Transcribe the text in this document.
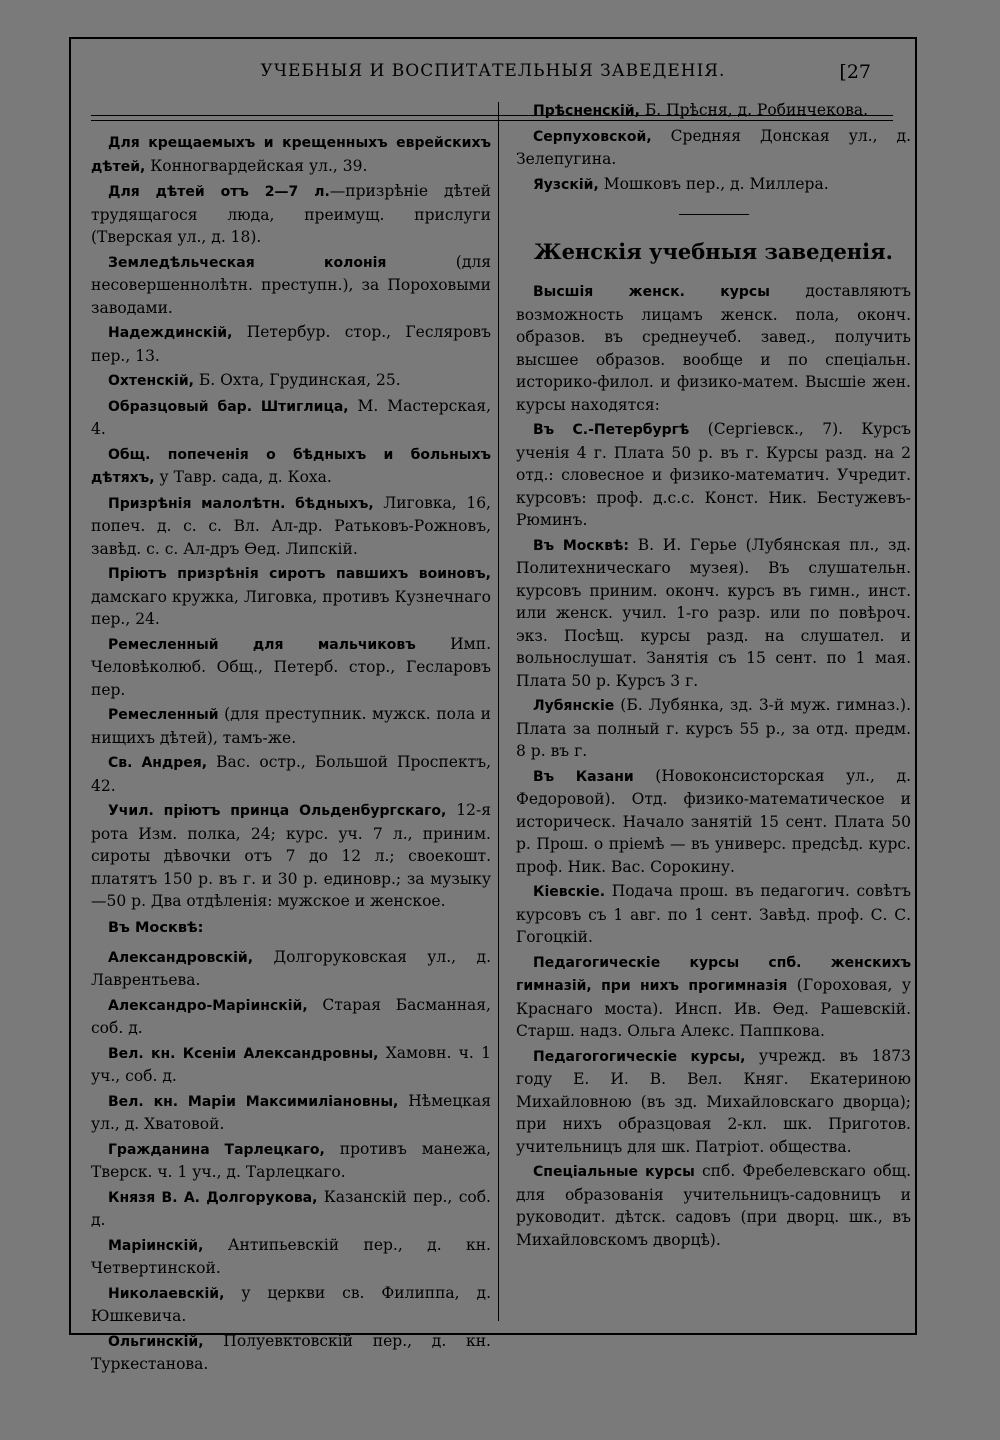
УЧЕБНЫЯ И ВОСПИТАТЕЛЬНЫЯ ЗАВЕДЕНІЯ.	[27

Для крещаемыхъ и крещенныхъ еврейскихъ дѣтей, Конногвардейская ул., 39.

Для дѣтей отъ 2—7 л.—призрѣніе дѣтей трудящагося люда, преимущ. прислуги (Тверская ул., д. 18).

Земледѣльческая колонія (для несовершеннолѣтн. преступн.), за Пороховыми заводами.

Надеждинскій, Петербур. стор., Гесляровъ пер., 13.

Охтенскій, Б. Охта, Грудинская, 25.

Образцовый бар. Штиглица, М. Мастерская, 4.

Общ. попеченія о бѣдныхъ и больныхъ дѣтяхъ, у Тавр. сада, д. Коха.

Призрѣнія малолѣтн. бѣдныхъ, Лиговка, 16, попеч. д. с. с. Вл. Ал-др. Ратьковъ-Рожновъ, завѣд. с. с. Ал-дръ Ѳед. Липскій.

Пріютъ призрѣнія сиротъ павшихъ воиновъ, дамскаго кружка, Лиговка, противъ Кузнечнаго пер., 24.

Ремесленный для мальчиковъ Имп. Человѣколюб. Общ., Петерб. стор., Гесларовъ пер.

Ремесленный (для преступник. мужск. пола и нищихъ дѣтей), тамъ-же.

Св. Андрея, Вас. остр., Большой Проспектъ, 42.

Учил. пріютъ принца Ольденбургскаго, 12-я рота Изм. полка, 24; курс. уч. 7 л., приним. сироты дѣвочки отъ 7 до 12 л.; своекошт. платятъ 150 р. въ г. и 30 р. единовр.; за музыку—50 р. Два отдѣленія: мужское и женское.

Въ Москвѣ:

Александровскій, Долгоруковская ул., д. Лаврентьева.

Александро-Маріинскій, Старая Басманная, соб. д.

Вел. кн. Ксеніи Александровны, Хамовн. ч. 1 уч., соб. д.

Вел. кн. Маріи Максимиліановны, Нѣмецкая ул., д. Хватовой.

Гражданина Тарлецкаго, противъ манежа, Тверск. ч. 1 уч., д. Тарлецкаго.

Князя В. А. Долгорукова, Казанскій пер., соб. д.

Маріинскій, Антипьевскій пер., д. кн. Четвертинской.

Николаевскій, у церкви св. Филиппа, д. Юшкевича.

Ольгинскій, Полуевктовскій пер., д. кн. Туркестанова.

Прѣсненскій, Б. Прѣсня, д. Робинчекова.

Серпуховской, Средняя Донская ул., д. Зелепугина.

Яузскій, Мошковъ пер., д. Миллера.

Женскія учебныя заведенія.

Высшія женск. курсы доставляютъ возможность лицамъ женск. пола, оконч. образов. въ среднеучеб. завед., получить высшее образов. вообще и по спеціальн. историко-филол. и физико-матем. Высшіе жен. курсы находятся:

Въ С.-Петербургѣ (Сергіевск., 7). Курсъ ученія 4 г. Плата 50 р. въ г. Курсы разд. на 2 отд.: словесное и физико-математич. Учредит. курсовъ: проф. д.с.с. Конст. Ник. Бестужевъ-Рюминъ.

Въ Москвѣ: В. И. Герье (Лубянская пл., зд. Политехническаго музея). Въ слушательн. курсовъ приним. оконч. курсъ въ гимн., инст. или женск. учил. 1-го разр. или по повѣроч. экз. Посѣщ. курсы разд. на слушател. и вольнослушат. Занятія съ 15 сент. по 1 мая. Плата 50 р. Курсъ 3 г.

Лубянскіе (Б. Лубянка, зд. 3-й муж. гимназ.). Плата за полный г. курсъ 55 р., за отд. предм. 8 р. въ г.

Въ Казани (Новоконсисторская ул., д. Федоровой). Отд. физико-математическое и историческ. Начало занятій 15 сент. Плата 50 р. Прош. о пріемѣ — въ универс. предсѣд. курс. проф. Ник. Вас. Сорокину.

Кіевскіе. Подача прош. въ педагогич. совѣтъ курсовъ съ 1 авг. по 1 сент. Завѣд. проф. С. С. Гогоцкій.

Педагогическіе курсы спб. женскихъ гимназій, при нихъ прогимназія (Гороховая, у Краснаго моста). Инсп. Ив. Ѳед. Рашевскій. Старш. надз. Ольга Алекс. Паппкова.

Педагогогическіе курсы, учрежд. въ 1873 году Е. И. В. Вел. Княг. Екатериною Михайловною (въ зд. Михайловскаго дворца); при нихъ образцовая 2-кл. шк. Приготов. учительницъ для шк. Патріот. общества.

Спеціальные курсы спб. Фребелевскаго общ. для образованія учительницъ-садовницъ и руководит. дѣтск. садовъ (при дворц. шк., въ Михайловскомъ дворцѣ).
